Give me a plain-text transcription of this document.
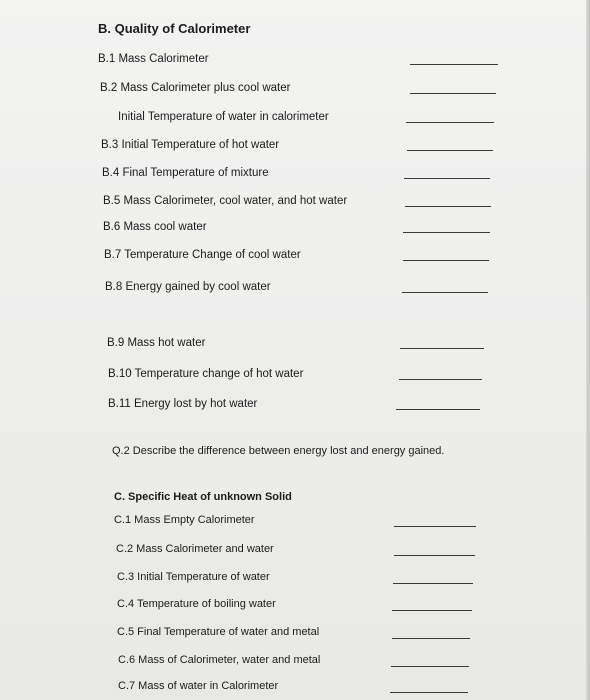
B. Quality of Calorimeter
B.1 Mass Calorimeter
B.2 Mass Calorimeter plus cool water
Initial Temperature of water in calorimeter
B.3 Initial Temperature of hot water
B.4 Final Temperature of mixture
B.5 Mass Calorimeter, cool water, and hot water
B.6 Mass cool water
B.7 Temperature Change of cool water
B.8 Energy gained by cool water
B.9 Mass hot water
B.10 Temperature change of hot water
B.11 Energy lost by hot water
Q.2 Describe the difference between energy lost and energy gained.
C. Specific Heat of unknown Solid
C.1 Mass Empty Calorimeter
C.2 Mass Calorimeter and water
C.3 Initial Temperature of water
C.4 Temperature of boiling water
C.5 Final Temperature of water and metal
C.6 Mass of Calorimeter, water and metal
C.7 Mass of water in Calorimeter
